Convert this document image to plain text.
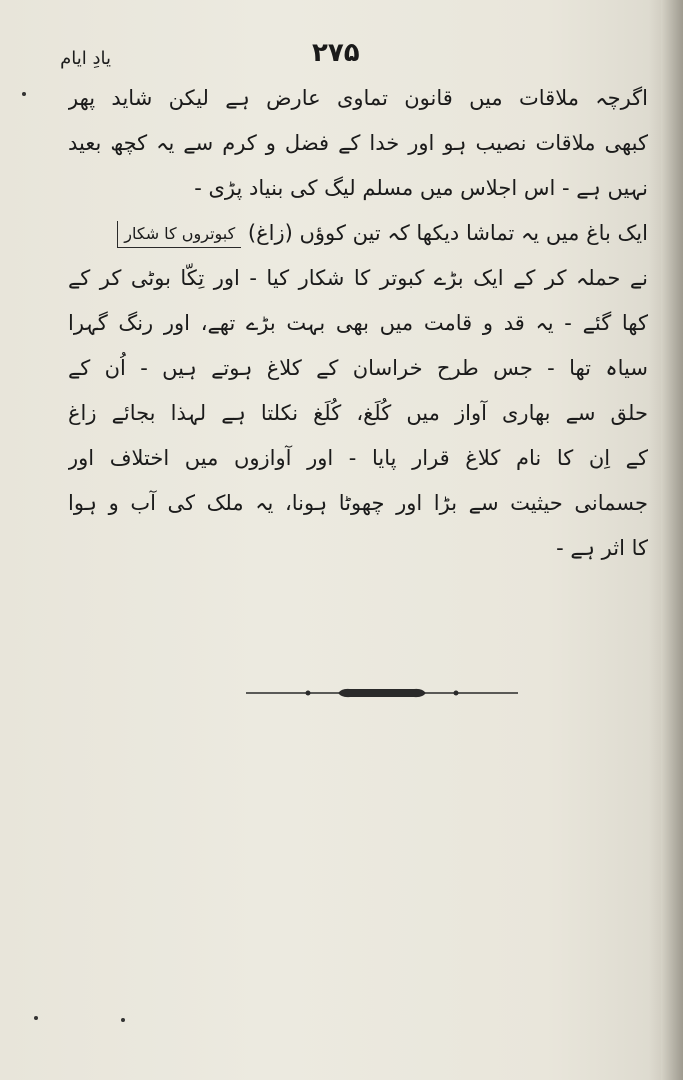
یادِ ایام	۲۷۵
اگرچہ ملاقات میں قانون تماوی عارض ہے لیکن شاید پھر
کبھی ملاقات نصیب ہو اور خدا کے فضل و کرم سے یہ کچھ بعید
نہیں ہے - اس اجلاس میں مسلم لیگ کی بنیاد پڑی -
ایک باغ میں یہ تماشا دیکھا کہ تین کوؤں (زاغ) کبوتروں کا شکار
نے حملہ کر کے ایک بڑے کبوتر کا شکار کیا - اور تِکّا بوٹی کر کے
کھا گئے - یہ قد و قامت میں بھی بہت بڑے تھے، اور رنگ گہرا
سیاہ تھا - جس طرح خراسان کے کلاغ ہوتے ہیں - اُن کے
حلق سے بھاری آواز میں کُلَغ، کُلَغ نکلتا ہے لہذا بجائے زاغ
کے اِن کا نام کلاغ قرار پایا - اور آوازوں میں اختلاف اور
جسمانی حیثیت سے بڑا اور چھوٹا ہونا، یہ ملک کی آب و ہوا
کا اثر ہے -
